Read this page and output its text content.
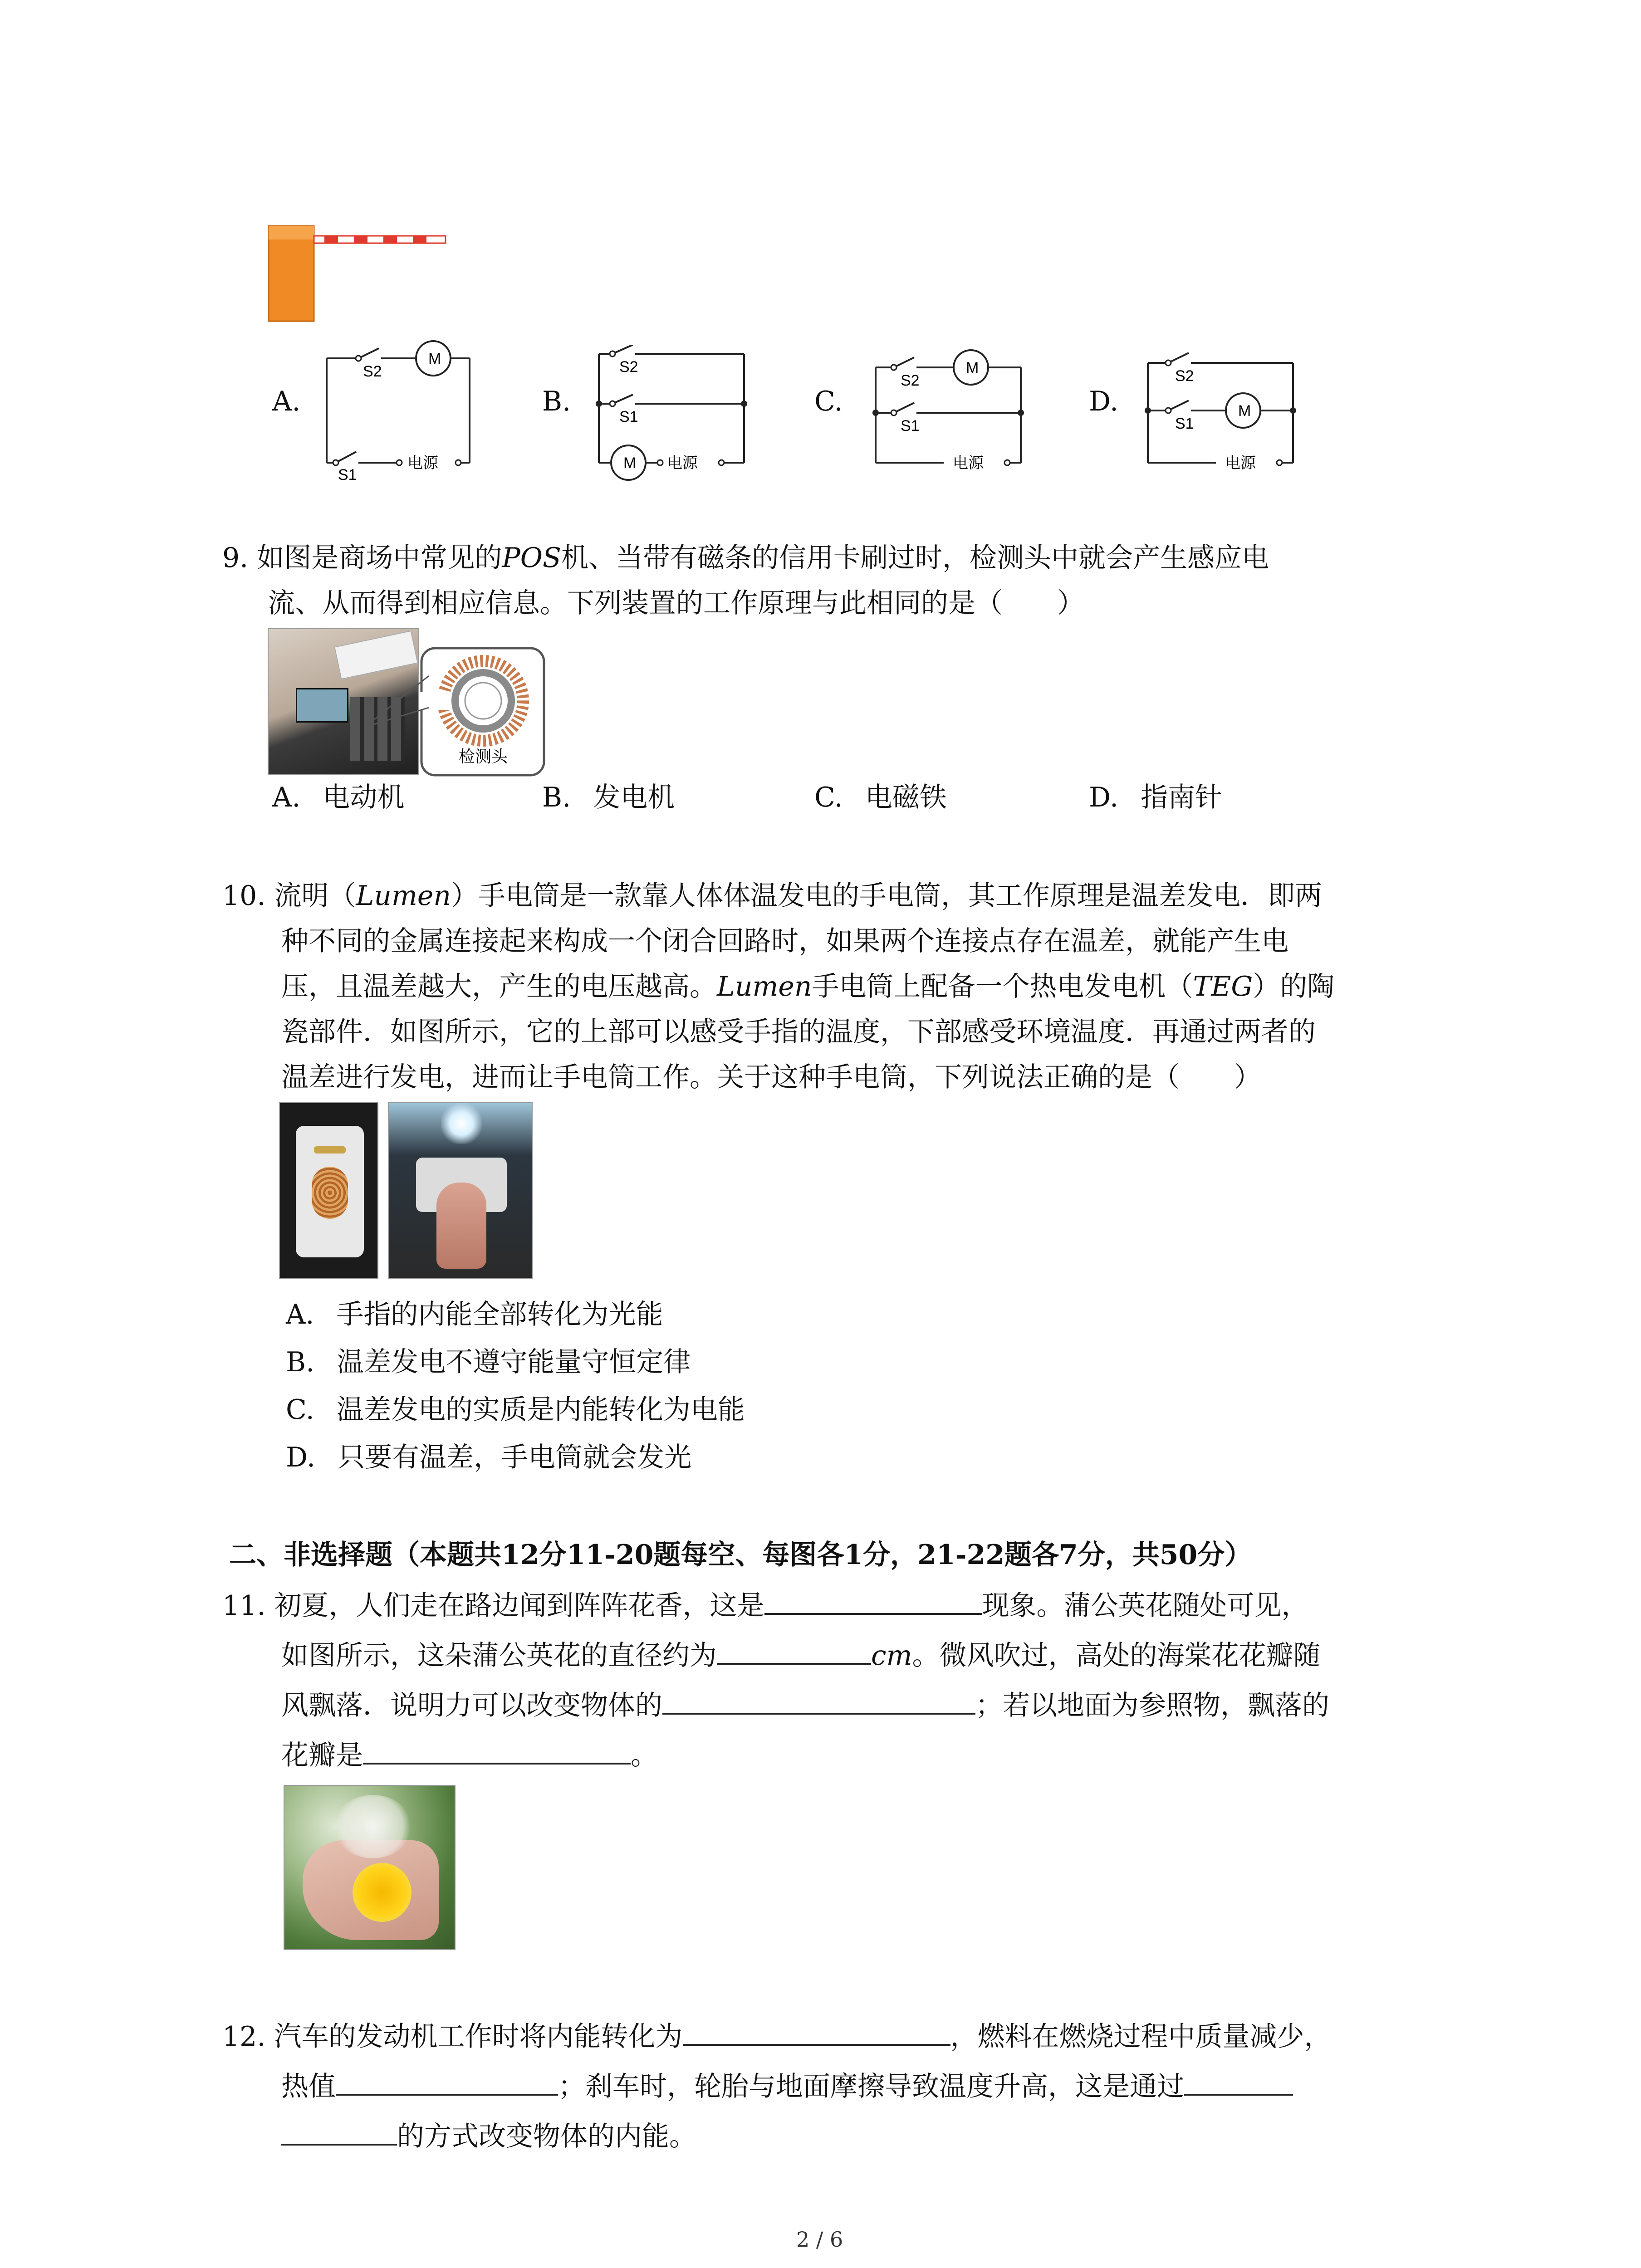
A.
S2
M
S1
电源
B.
S2
S1
M 电源
C.
S2
M
S1
电源
D.
S2
S1
M
电源
9. 如图是商场中常见的POS机、当带有磁条的信用卡刷过时，检测头中就会产生感应电
流、从而得到相应信息。下列装置的工作原理与此相同的是（　　）
检测头
A. 电动机	B. 发电机	C. 电磁铁	D. 指南针
10. 流明（Lumen）手电筒是一款靠人体体温发电的手电筒，其工作原理是温差发电．即两
种不同的金属连接起来构成一个闭合回路时，如果两个连接点存在温差，就能产生电
压，且温差越大，产生的电压越高。Lumen手电筒上配备一个热电发电机（TEG）的陶
瓷部件．如图所示，它的上部可以感受手指的温度，下部感受环境温度．再通过两者的
温差进行发电，进而让手电筒工作。关于这种手电筒，下列说法正确的是（　　）
A. 手指的内能全部转化为光能
B. 温差发电不遵守能量守恒定律
C. 温差发电的实质是内能转化为电能
D. 只要有温差，手电筒就会发光
二、非选择题（本题共12分11-20题每空、每图各1分，21-22题各7分，共50分）
11. 初夏，人们走在路边闻到阵阵花香，这是	现象。蒲公英花随处可见，
如图所示，这朵蒲公英花的直径约为	cm。微风吹过，高处的海棠花花瓣随
风飘落．说明力可以改变物体的	；若以地面为参照物，飘落的
花瓣是	。
12. 汽车的发动机工作时将内能转化为	，燃料在燃烧过程中质量减少，
热值	；刹车时，轮胎与地面摩擦导致温度升高，这是通过
的方式改变物体的内能。
2 / 6
